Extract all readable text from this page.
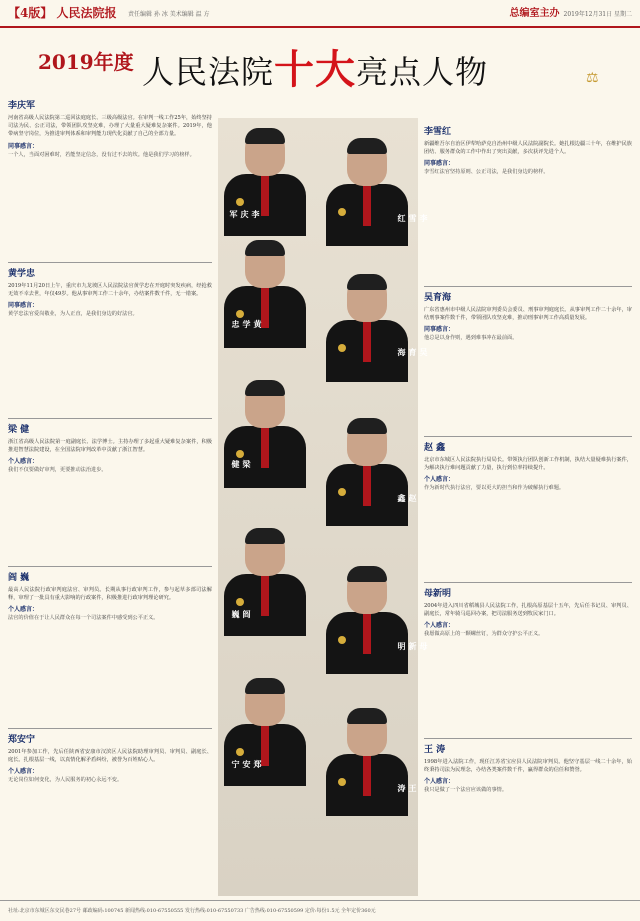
【4版】 人民法院报 责任编辑 孙 冰 美术编辑 温 方	总编室主办 2019年12月31日 星期二
2019年度 人民法院十大亮点人物	⚖
李庆军	李雪红
黄学忠
吴育海
梁健
赵鑫
阎巍
母新明
郑安宁
王涛
李庆军
河南省高级人民法院第二巡回法庭庭长、三级高级法官。在审判一线工作25年，始终坚持司法为民、公正司法，带领团队攻坚克难，办理了大量重大疑难复杂案件。2019年，他带病坚守岗位，为推进审判体系和审判能力现代化贡献了自己的全部力量。
同事感言：
一个人，当面对困难时，若能坚定信念，没有过不去的坎。他是我们学习的榜样。
黄学忠
2019年11月20日上午，重庆市九龙坡区人民法院法官黄学忠在开庭时突发疾病，经抢救无效不幸去世，年仅49岁。他从事审判工作二十余年，办结案件数千件，无一错案。
同事感言：
黄学忠法官爱岗敬业，为人正直，是我们身边的好法官。
梁 健
浙江省高级人民法院第一庭副庭长、法学博士。主持办理了多起重大疑难复杂案件，积极推进智慧法院建设，在全国法院审判改革中贡献了浙江智慧。
个人感言：
我们不仅要做好审判，更要推动法治进步。
阎 巍
最高人民法院行政审判庭法官、审判员。长期从事行政审判工作，参与起草多部司法解释，审理了一批具有重大影响的行政案件，积极推进行政审判理论研究。
个人感言：
法官的价值在于让人民群众在每一个司法案件中感受到公平正义。
郑安宁
2001年参加工作，先后任陕西省安康市汉滨区人民法院助理审判员、审判员、副庭长、庭长。扎根基层一线，以真情化解矛盾纠纷，被誉为百姓贴心人。
个人感言：
无论岗位如何变化，为人民服务的初心永远不变。
李雪红
新疆维吾尔自治区伊犁哈萨克自治州中级人民法院副院长。她扎根边疆三十年，在维护民族团结、服务群众的工作中作出了突出贡献，多次获评先进个人。
同事感言：
李雪红法官坚持原则、公正司法，是我们身边的榜样。
吴育海
广东省惠州市中级人民法院审判委员会委员、刑事审判庭庭长。从事审判工作二十余年，审结刑事案件数千件，带领团队攻坚克难，推动刑事审判工作高质量发展。
同事感言：
他总是以身作则，遇到难事冲在最前面。
赵 鑫
北京市东城区人民法院执行局局长。带领执行团队创新工作机制，执结大量疑难执行案件，为解决执行难问题贡献了力量，执行到位率持续提升。
个人感言：
作为新时代执行法官，要以更大的担当和作为破解执行难题。
母新明
2004年进入四川省稻城县人民法院工作，扎根高原基层十五年，先后任书记员、审判员、副庭长，常年骑马巡回办案，把司法服务送到牧民家门口。
个人感言：
我愿做高原上的一颗螺丝钉，为群众守护公平正义。
王 涛
1998年进入法院工作，现任江苏省宝应县人民法院审判员。他坚守基层一线二十余年，始终秉持司法为民理念，办结各类案件数千件，赢得群众的信任和赞誉。
个人感言：
我只是做了一个法官应该做的事情。
社址:北京市东城区东交民巷27号 邮政编码:100745 新闻热线:010-67550555 发行热线:010-67550733 广告热线:010-67550599 定价:每份1.5元 全年定价360元
